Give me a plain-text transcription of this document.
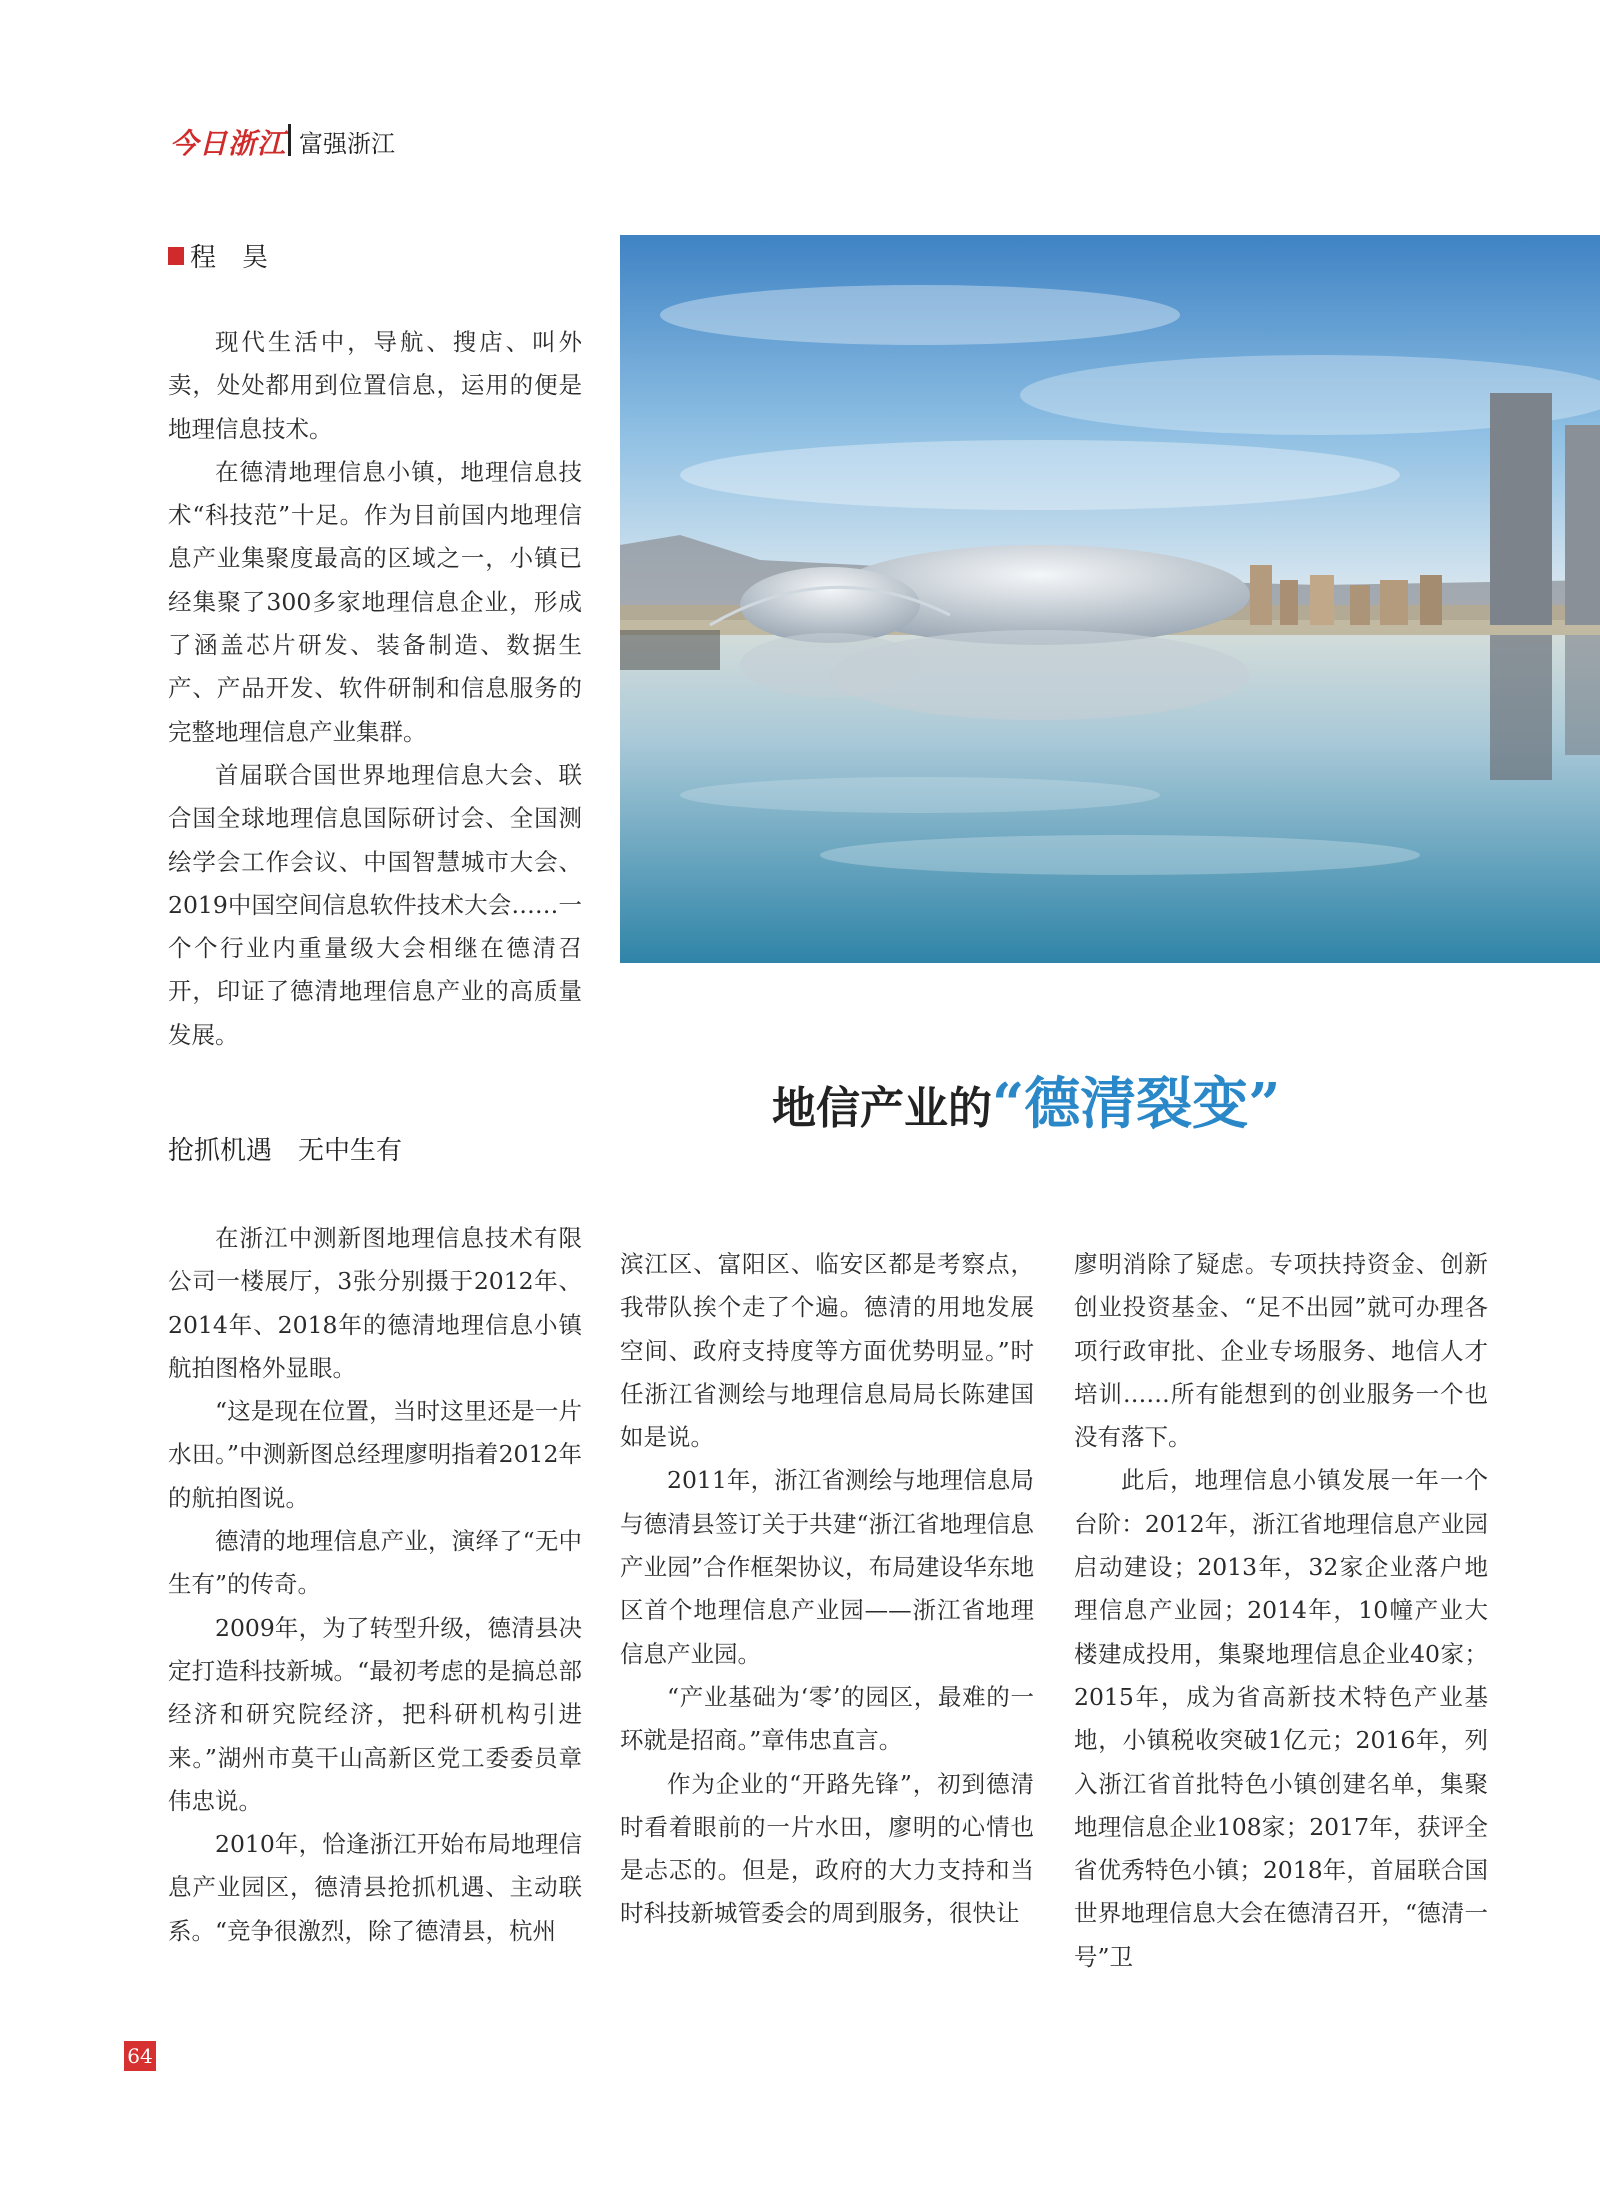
今日浙江 富强浙江
程　昊
地信产业的“德清裂变”

现代生活中，导航、搜店、叫外卖，处处都用到位置信息，运用的便是地理信息技术。

在德清地理信息小镇，地理信息技术“科技范”十足。作为目前国内地理信息产业集聚度最高的区域之一，小镇已经集聚了300多家地理信息企业，形成了涵盖芯片研发、装备制造、数据生产、产品开发、软件研制和信息服务的完整地理信息产业集群。

首届联合国世界地理信息大会、联合国全球地理信息国际研讨会、全国测绘学会工作会议、中国智慧城市大会、2019中国空间信息软件技术大会……一个个行业内重量级大会相继在德清召开，印证了德清地理信息产业的高质量发展。

抢抓机遇　无中生有

在浙江中测新图地理信息技术有限公司一楼展厅，3张分别摄于2012年、2014年、2018年的德清地理信息小镇航拍图格外显眼。

“这是现在位置，当时这里还是一片水田。”中测新图总经理廖明指着2012年的航拍图说。

德清的地理信息产业，演绎了“无中生有”的传奇。

2009年，为了转型升级，德清县决定打造科技新城。“最初考虑的是搞总部经济和研究院经济，把科研机构引进来。”湖州市莫干山高新区党工委委员章伟忠说。

2010年，恰逢浙江开始布局地理信息产业园区，德清县抢抓机遇、主动联系。“竞争很激烈，除了德清县，杭州

滨江区、富阳区、临安区都是考察点，我带队挨个走了个遍。德清的用地发展空间、政府支持度等方面优势明显。”时任浙江省测绘与地理信息局局长陈建国如是说。

2011年，浙江省测绘与地理信息局与德清县签订关于共建“浙江省地理信息产业园”合作框架协议，布局建设华东地区首个地理信息产业园——浙江省地理信息产业园。

“产业基础为‘零’的园区，最难的一环就是招商。”章伟忠直言。

作为企业的“开路先锋”，初到德清时看着眼前的一片水田，廖明的心情也是忐忑的。但是，政府的大力支持和当时科技新城管委会的周到服务，很快让

廖明消除了疑虑。专项扶持资金、创新创业投资基金、“足不出园”就可办理各项行政审批、企业专场服务、地信人才培训……所有能想到的创业服务一个也没有落下。

此后，地理信息小镇发展一年一个台阶：2012年，浙江省地理信息产业园启动建设；2013年，32家企业落户地理信息产业园；2014年，10幢产业大楼建成投用，集聚地理信息企业40家；2015年，成为省高新技术特色产业基地，小镇税收突破1亿元；2016年，列入浙江省首批特色小镇创建名单，集聚地理信息企业108家；2017年，获评全省优秀特色小镇；2018年，首届联合国世界地理信息大会在德清召开，“德清一号”卫

64
